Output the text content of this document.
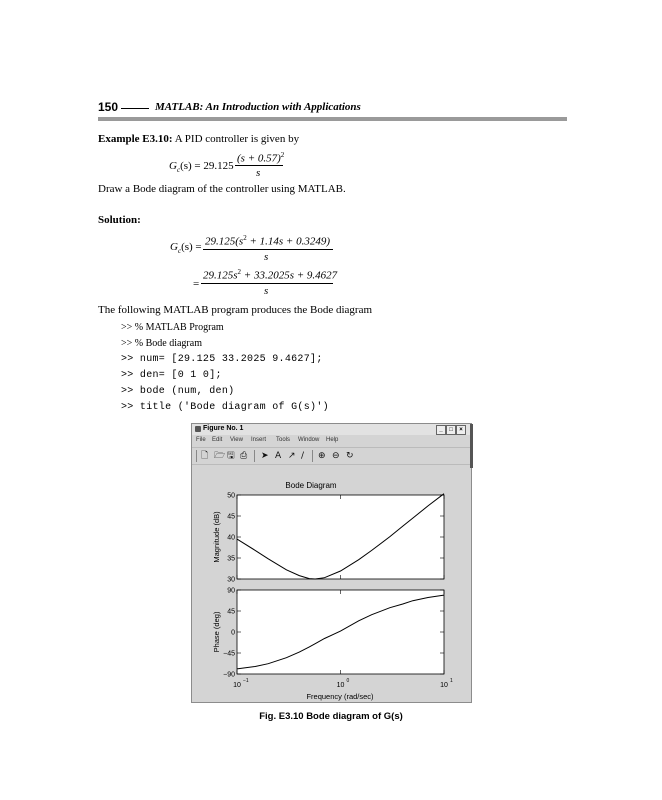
150	MATLAB: An Introduction with Applications
Example E3.10: A PID controller is given by
$G_c(s) = 29.125$
$(s + 0.57)^2$
s
Draw a Bode diagram of the controller using MATLAB.
Solution:
$G_c(s) = 29.125(s^2 + 1.14s + 0.3249)$
s
=
$29.125s^2 + 33.2025s + 9.4627$
s
The following MATLAB program produces the Bode diagram
>> % MATLAB Program
>> % Bode diagram
>> num= [29.125 33.2025 9.4627];
>> den= [0 1 0];
>> bode (num, den)
>> title ('Bode diagram of G(s)')
Figure No. 1	_	□	×
File Edit View Insert Tools Window Help
🗋 🗁 🖫 ⎙ ➤ A ↗ / ⊕ ⊖ ↻
Bode Diagram
30
35
40
45
50
Magnitude (dB)
−90
−45
0
45
90
Phase (deg)
10
−1
10
0
10
1
Frequency (rad/sec)
Fig. E3.10 Bode diagram of G(s)
